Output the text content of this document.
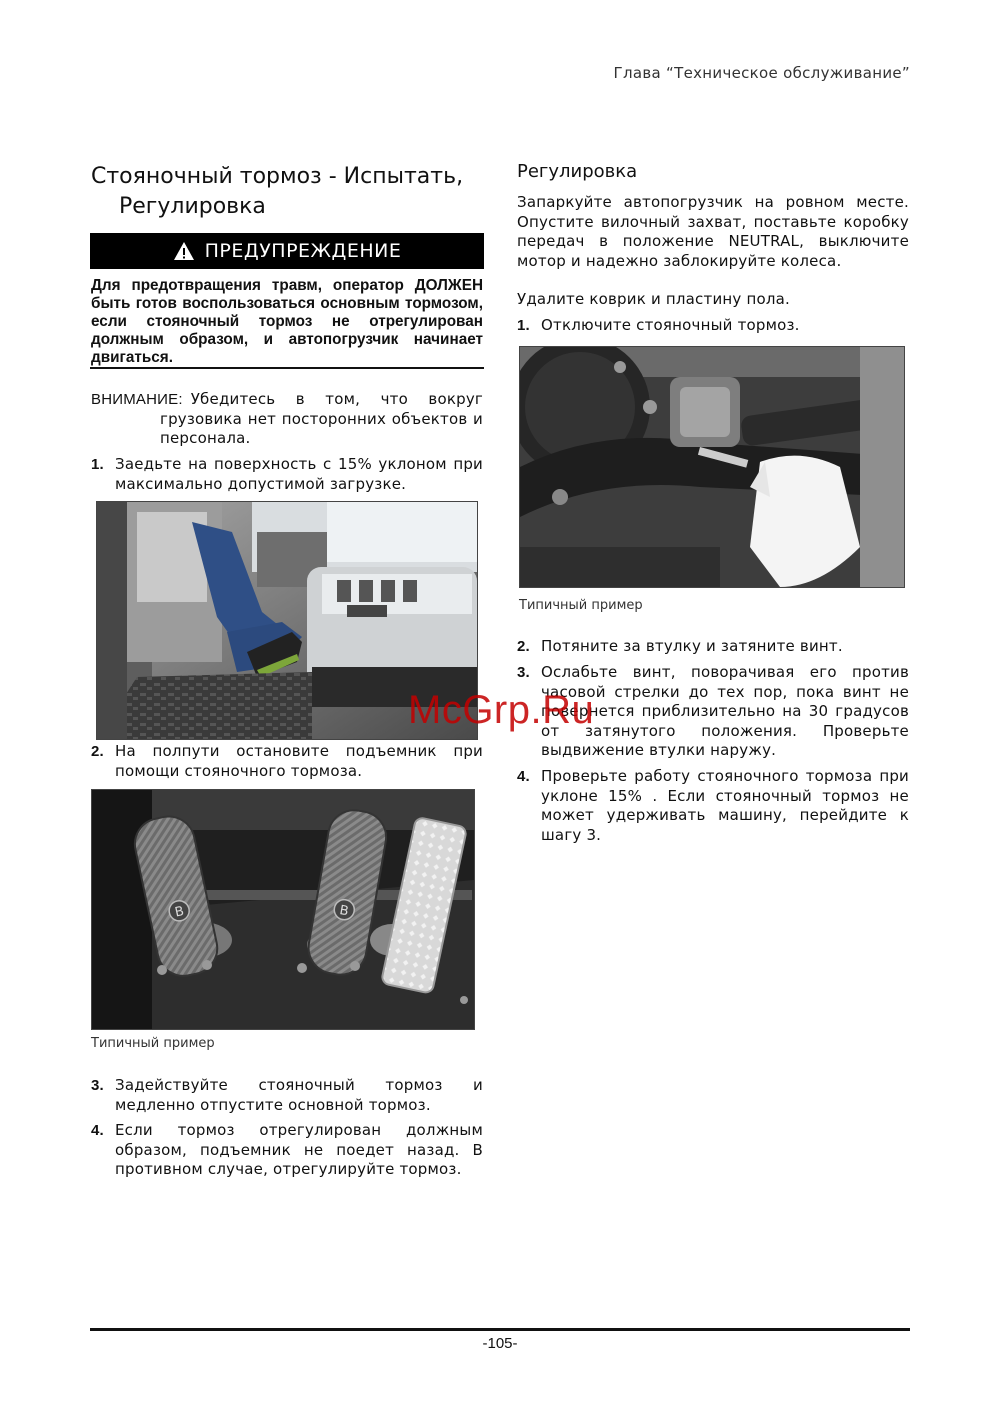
Глава “Техническое обслуживание”
Стояночный тормоз - Испытать,
Регулировка
ПРЕДУПРЕЖДЕНИЕ
Для предотвращения травм, оператор ДОЛЖЕН быть готов воспользоваться основным тормозом, если стояночный тормоз не отрегулирован должным образом, и автопогрузчик начинает двигаться.
ВНИМАНИЕ: Убедитесь в том, что вокруг
грузовика нет посторонних объектов и персонала.
1. Заедьте на поверхность с 15% уклоном при максимально допустимой загрузке.
2. На полпути остановите подъемник при помощи стояночного тормоза.
B	B
Типичный пример
3. Задействуйте стояночный тормоз и медленно отпустите основной тормоз.
4. Если тормоз отрегулирован должным образом, подъемник не поедет назад. В противном случае, отрегулируйте тормоз.
Регулировка
Запаркуйте автопогрузчик на ровном месте. Опустите вилочный захват, поставьте коробку передач в положение NEUTRAL, выключите мотор и надежно заблокируйте колеса.
Удалите коврик и пластину пола.
1. Отключите стояночный тормоз.
Типичный пример
2. Потяните за втулку и затяните винт.
3. Ослабьте винт, поворачивая его против часовой стрелки до тех пор, пока винт не повернется приблизительно на 30 градусов от затянутого положения. Проверьте выдвижение втулки наружу.
4. Проверьте работу стояночного тормоза при уклоне 15% . Если стояночный тормоз не может удерживать машину, перейдите к шагу 3.
McGrp.Ru
-105-
